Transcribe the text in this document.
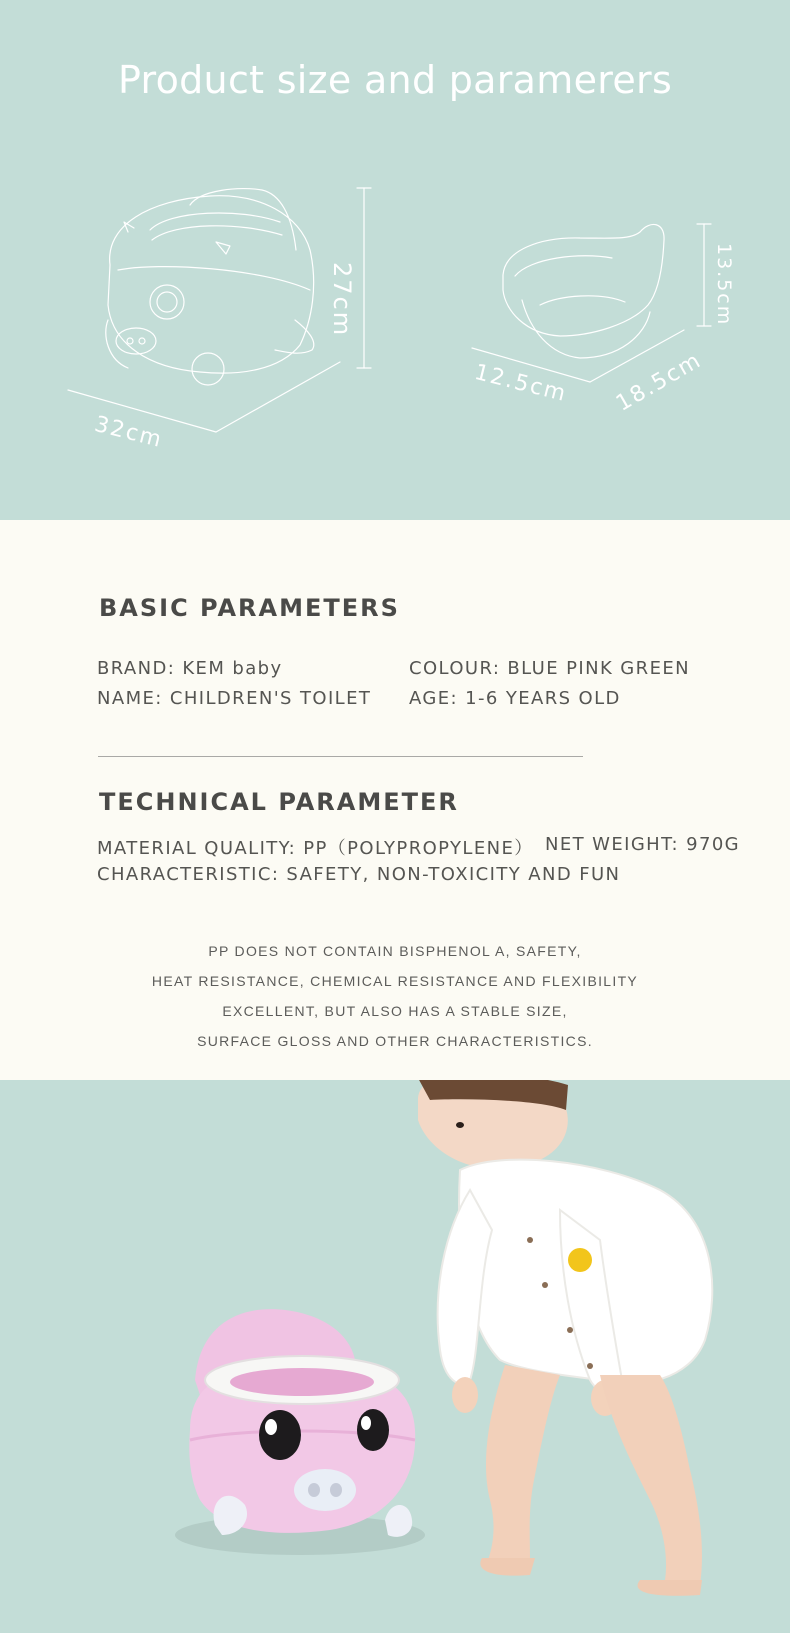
Product size and paramerers
27cm
32cm
13.5cm
12.5cm 18.5cm
BASIC PARAMETERS
BRAND: KEM baby	COLOUR: BLUE PINK GREEN
NAME: CHILDREN'S TOILET AGE: 1-6 YEARS OLD
TECHNICAL PARAMETER
MATERIAL QUALITY: PP（POLYPROPYLENE） NET WEIGHT: 970G
CHARACTERISTIC: SAFETY, NON-TOXICITY AND FUN
PP DOES NOT CONTAIN BISPHENOL A, SAFETY,
HEAT RESISTANCE, CHEMICAL RESISTANCE AND FLEXIBILITY
EXCELLENT, BUT ALSO HAS A STABLE SIZE,
SURFACE GLOSS AND OTHER CHARACTERISTICS.
